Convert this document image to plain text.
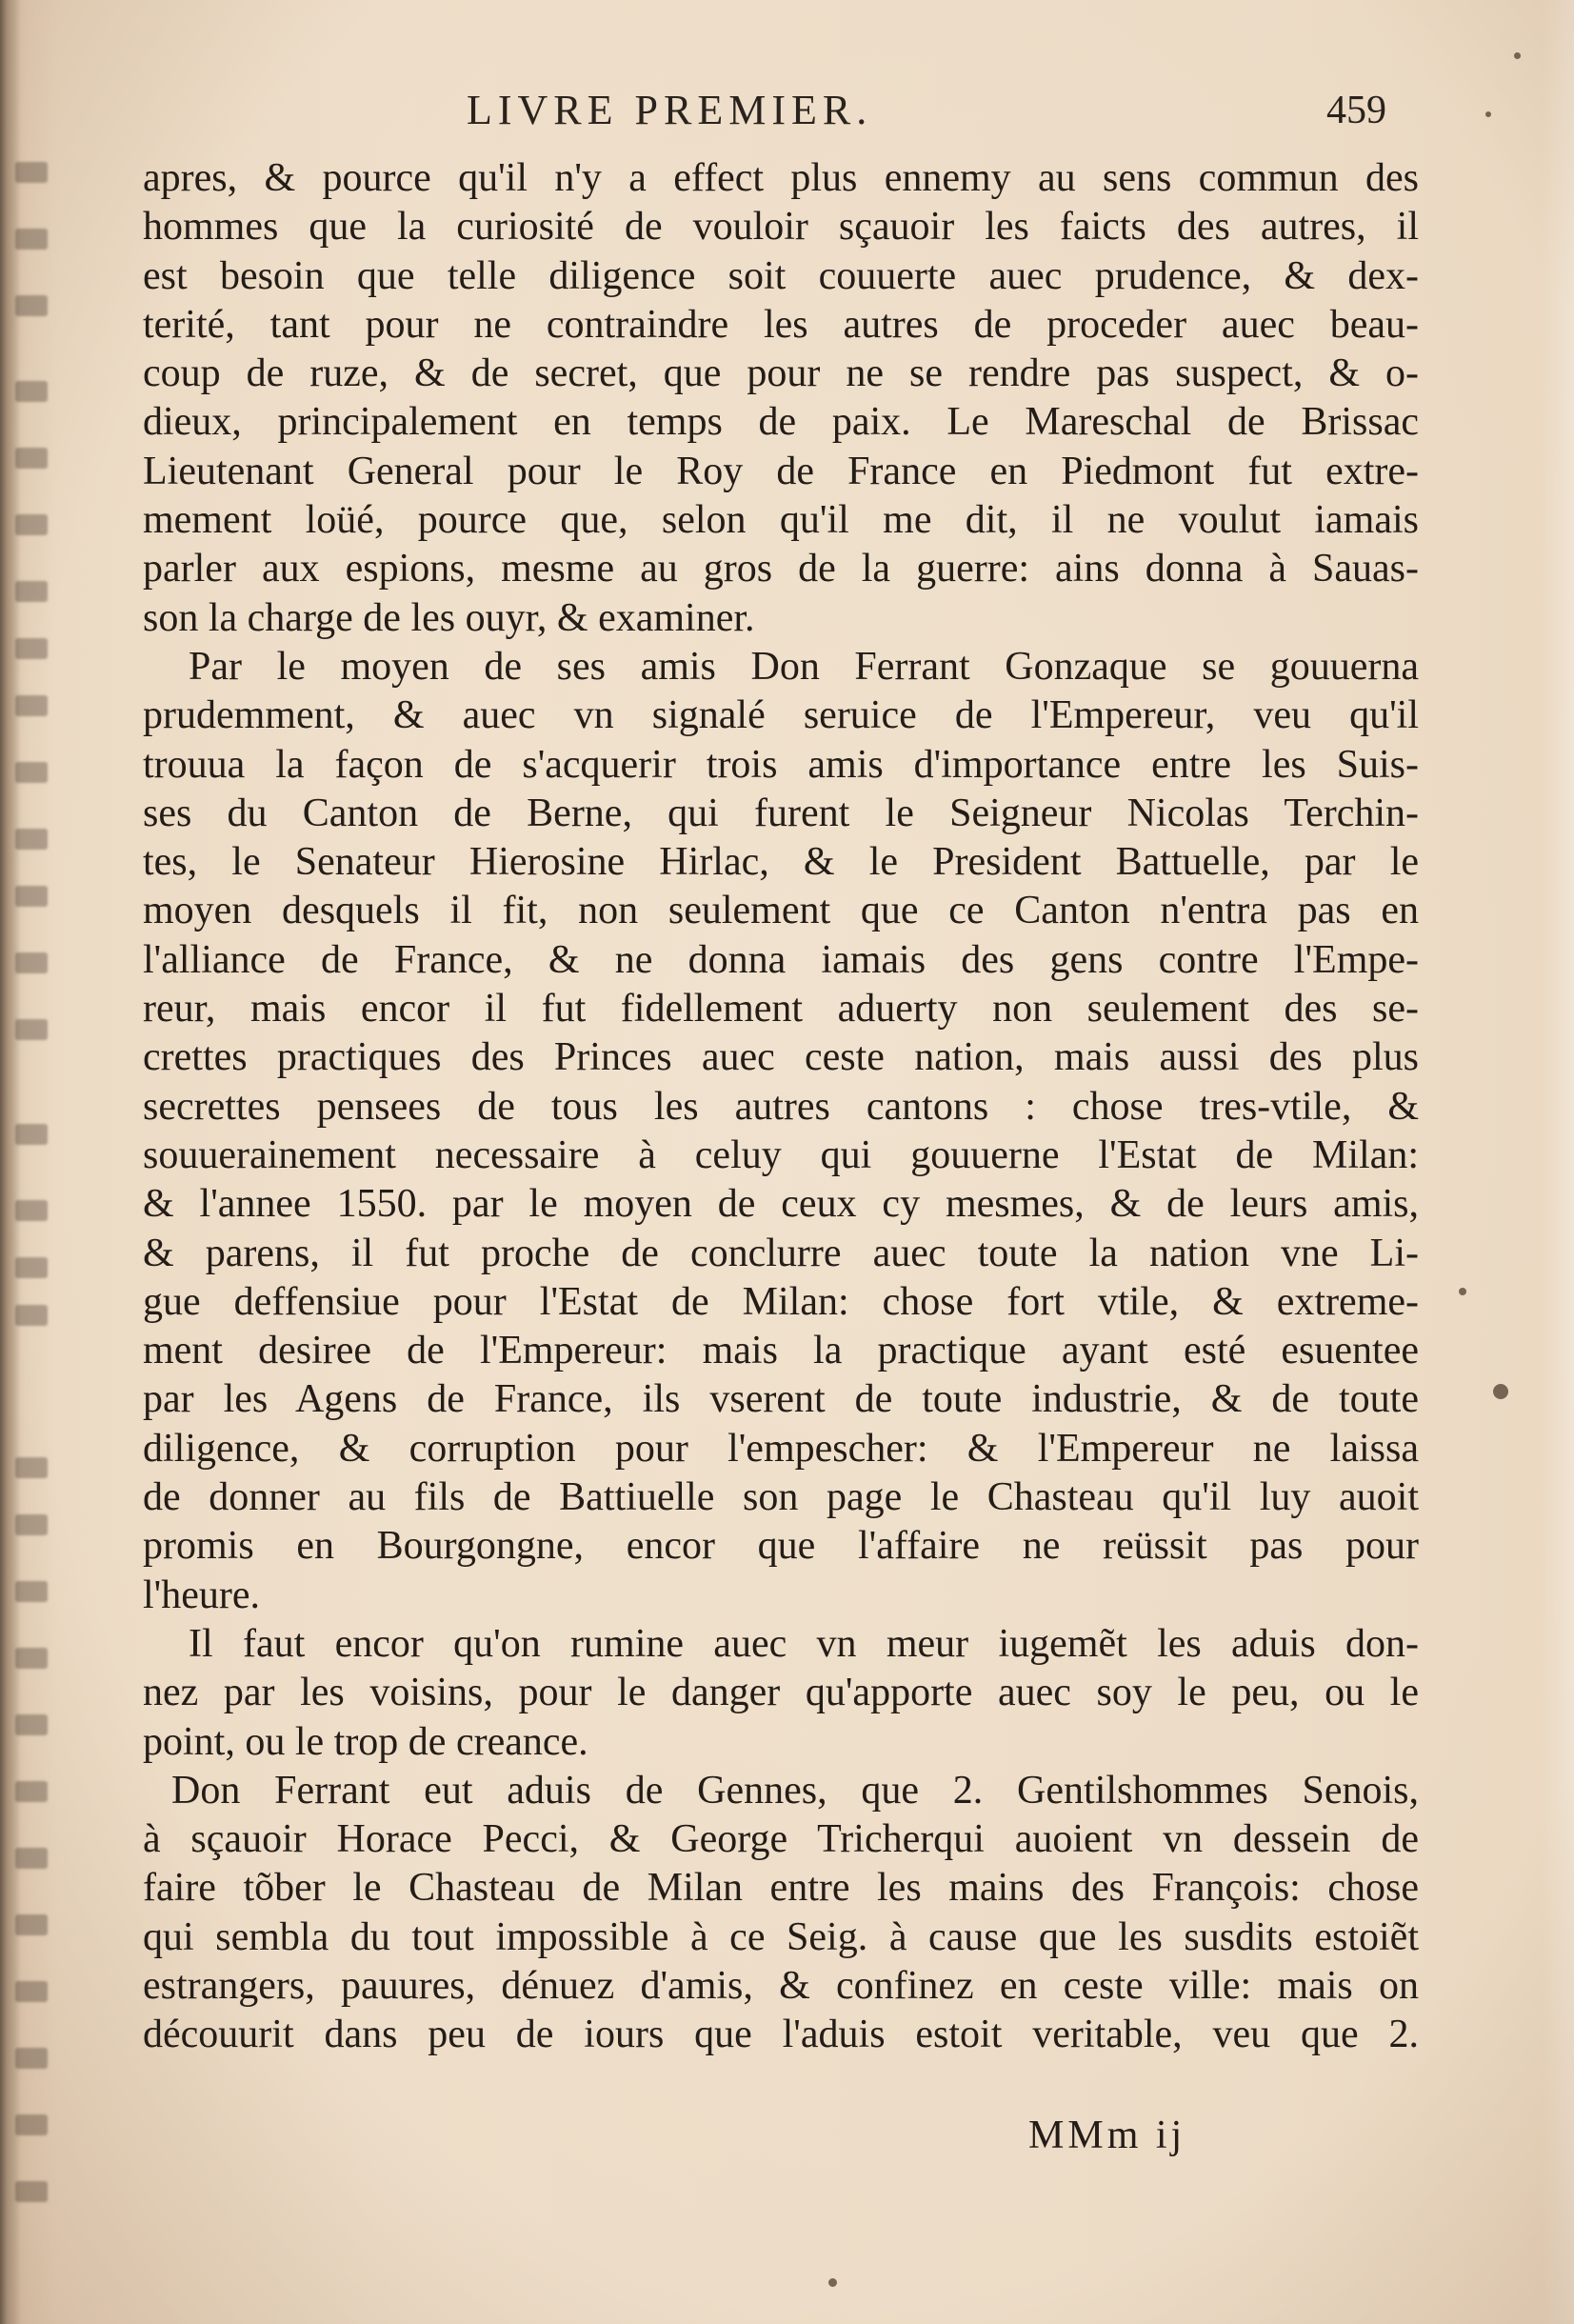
LIVRE PREMIER.	459
apres, & pource qu'il n'y a effect plus ennemy au sens commun des
hommes que la curiosité de vouloir sçauoir les faicts des autres, il
est besoin que telle diligence soit couuerte auec prudence, & dex-
terité, tant pour ne contraindre les autres de proceder auec beau-
coup de ruze, & de secret, que pour ne se rendre pas suspect, & o-
dieux, principalement en temps de paix. Le Mareschal de Brissac
Lieutenant General pour le Roy de France en Piedmont fut extre-
mement loüé, pource que, selon qu'il me dit, il ne voulut iamais
parler aux espions, mesme au gros de la guerre: ains donna à Sauas-
son la charge de les ouyr, & examiner.
Par le moyen de ses amis Don Ferrant Gonzaque se gouuerna
prudemment, & auec vn signalé seruice de l'Empereur, veu qu'il
trouua la façon de s'acquerir trois amis d'importance entre les Suis-
ses du Canton de Berne, qui furent le Seigneur Nicolas Terchin-
tes, le Senateur Hierosine Hirlac, & le President Battuelle, par le
moyen desquels il fit, non seulement que ce Canton n'entra pas en
l'alliance de France, & ne donna iamais des gens contre l'Empe-
reur, mais encor il fut fidellement aduerty non seulement des se-
crettes practiques des Princes auec ceste nation, mais aussi des plus
secrettes pensees de tous les autres cantons : chose tres-vtile, &
souuerainement necessaire à celuy qui gouuerne l'Estat de Milan:
& l'annee 1550. par le moyen de ceux cy mesmes, & de leurs amis,
& parens, il fut proche de conclurre auec toute la nation vne Li-
gue deffensiue pour l'Estat de Milan: chose fort vtile, & extreme-
ment desiree de l'Empereur: mais la practique ayant esté esuentee
par les Agens de France, ils vserent de toute industrie, & de toute
diligence, & corruption pour l'empescher: & l'Empereur ne laissa
de donner au fils de Battiuelle son page le Chasteau qu'il luy auoit
promis en Bourgongne, encor que l'affaire ne reüssit pas pour
l'heure.
Il faut encor qu'on rumine auec vn meur iugemẽt les aduis don-
nez par les voisins, pour le danger qu'apporte auec soy le peu, ou le
point, ou le trop de creance.
Don Ferrant eut aduis de Gennes, que 2. Gentilshommes Senois,
à sçauoir Horace Pecci, & George Tricherqui auoient vn dessein de
faire tõber le Chasteau de Milan entre les mains des François: chose
qui sembla du tout impossible à ce Seig. à cause que les susdits estoiẽt
estrangers, pauures, dénuez d'amis, & confinez en ceste ville: mais on
découurit dans peu de iours que l'aduis estoit veritable, veu que 2.
MMm ij
